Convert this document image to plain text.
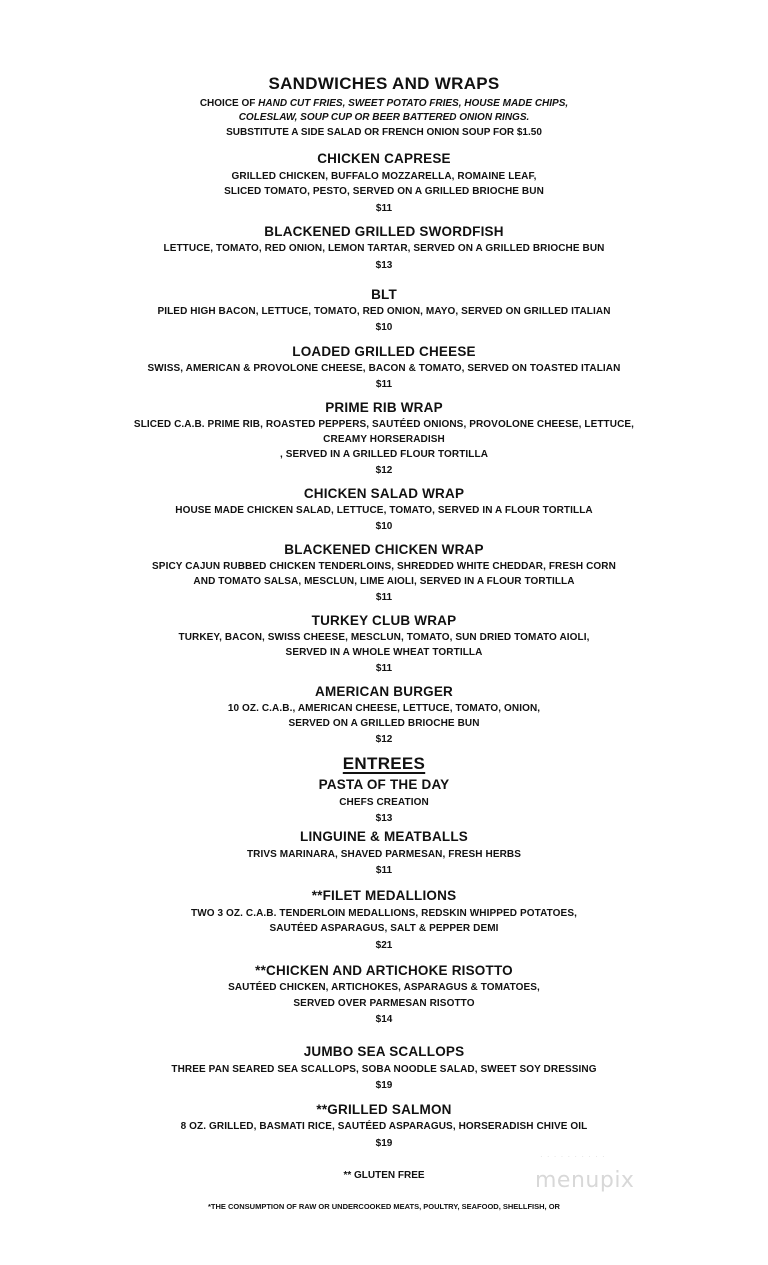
SANDWICHES AND WRAPS
CHOICE OF HAND CUT FRIES, SWEET POTATO FRIES, HOUSE MADE CHIPS,
COLESLAW, SOUP CUP OR BEER BATTERED ONION RINGS.
SUBSTITUTE A SIDE SALAD OR FRENCH ONION SOUP FOR $1.50
CHICKEN CAPRESE
GRILLED CHICKEN, BUFFALO MOZZARELLA, ROMAINE LEAF,
SLICED TOMATO, PESTO, SERVED ON A GRILLED BRIOCHE BUN
$11
BLACKENED GRILLED SWORDFISH
LETTUCE, TOMATO, RED ONION, LEMON TARTAR, SERVED ON A GRILLED BRIOCHE BUN
$13
BLT
PILED HIGH BACON, LETTUCE, TOMATO, RED ONION, MAYO, SERVED ON GRILLED ITALIAN
$10
LOADED GRILLED CHEESE
SWISS, AMERICAN & PROVOLONE CHEESE, BACON & TOMATO, SERVED ON TOASTED ITALIAN
$11
PRIME RIB WRAP
SLICED C.A.B. PRIME RIB, ROASTED PEPPERS, SAUTÉED ONIONS, PROVOLONE CHEESE, LETTUCE,
CREAMY HORSERADISH
, SERVED IN A GRILLED FLOUR TORTILLA
$12
CHICKEN SALAD WRAP
HOUSE MADE CHICKEN SALAD, LETTUCE, TOMATO, SERVED IN A FLOUR TORTILLA
$10
BLACKENED CHICKEN WRAP
SPICY CAJUN RUBBED CHICKEN TENDERLOINS, SHREDDED WHITE CHEDDAR, FRESH CORN
AND TOMATO SALSA, MESCLUN, LIME AIOLI, SERVED IN A FLOUR TORTILLA
$11
TURKEY CLUB WRAP
TURKEY, BACON, SWISS CHEESE, MESCLUN, TOMATO, SUN DRIED TOMATO AIOLI,
SERVED IN A WHOLE WHEAT TORTILLA
$11
AMERICAN BURGER
10 OZ. C.A.B., AMERICAN CHEESE, LETTUCE, TOMATO, ONION,
SERVED ON A GRILLED BRIOCHE BUN
$12
ENTREES
PASTA OF THE DAY
CHEFS CREATION
$13
LINGUINE & MEATBALLS
TRIVS MARINARA, SHAVED PARMESAN, FRESH HERBS
$11
**FILET MEDALLIONS
TWO 3 OZ. C.A.B. TENDERLOIN MEDALLIONS, REDSKIN WHIPPED POTATOES,
SAUTÉED ASPARAGUS, SALT & PEPPER DEMI
$21
**CHICKEN AND ARTICHOKE RISOTTO
SAUTÉED CHICKEN, ARTICHOKES, ASPARAGUS & TOMATOES,
SERVED OVER PARMESAN RISOTTO
$14
JUMBO SEA SCALLOPS
THREE PAN SEARED SEA SCALLOPS, SOBA NOODLE SALAD, SWEET SOY DRESSING
$19
**GRILLED SALMON
8 OZ. GRILLED, BASMATI RICE, SAUTÉED ASPARAGUS, HORSERADISH CHIVE OIL
$19
** GLUTEN FREE
*THE CONSUMPTION OF RAW OR UNDERCOOKED MEATS, POULTRY, SEAFOOD, SHELLFISH, OR
· · · · · · · · · ·
menupix
